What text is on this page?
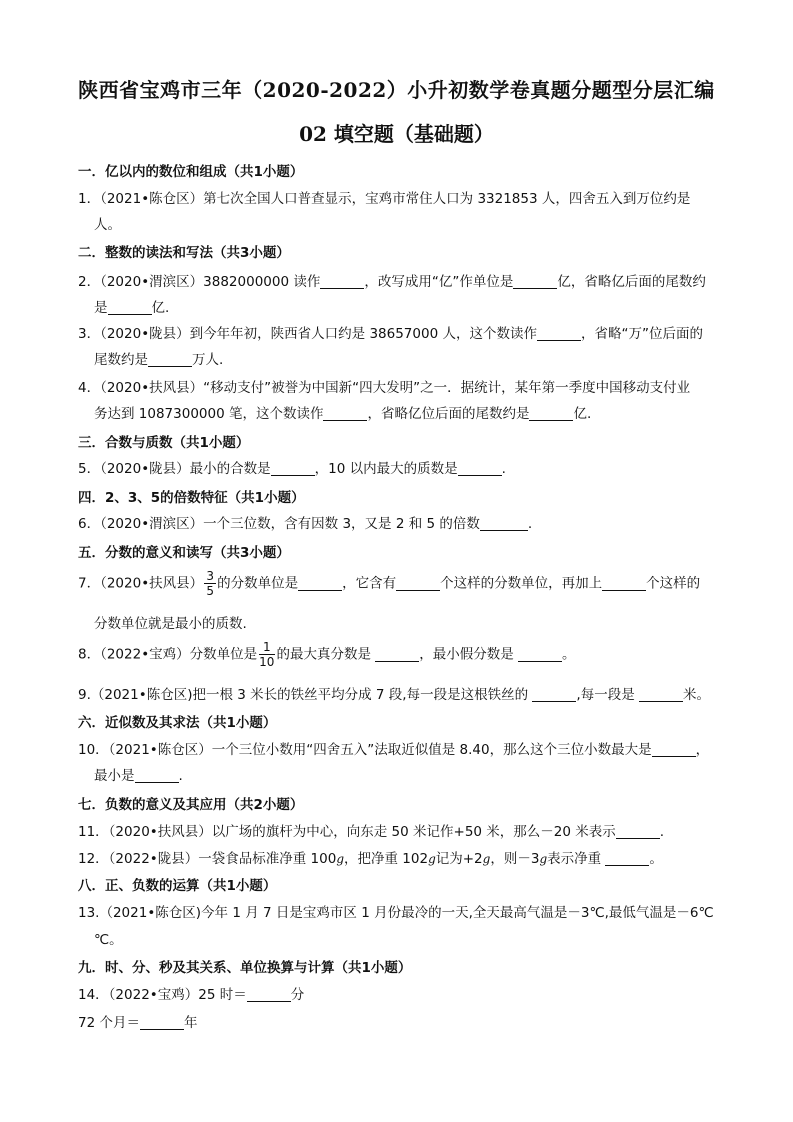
陕西省宝鸡市三年（2020-2022）小升初数学卷真题分题型分层汇编
02 填空题（基础题）
一．亿以内的数位和组成（共1小题）
1．（2021•陈仓区）第七次全国人口普查显示，宝鸡市常住人口为 3321853 人，四舍五入到万位约是
人。
二．整数的读法和写法（共3小题）
2．（2020•渭滨区）3882000000 读作	，改写成用“亿”作单位是	亿，省略亿后面的尾数约
是	亿.
3．（2020•陇县）到今年年初，陕西省人口约是 38657000 人，这个数读作	，省略“万”位后面的
尾数约是	万人.
4．（2020•扶风县）“移动支付”被誉为中国新“四大发明”之一．据统计，某年第一季度中国移动支付业
务达到 1087300000 笔，这个数读作	，省略亿位后面的尾数约是	亿.
三．合数与质数（共1小题）
5．（2020•陇县）最小的合数是	，10 以内最大的质数是	.
四．2、3、5的倍数特征（共1小题）
6．（2020•渭滨区）一个三位数，含有因数 3，又是 2 和 5 的倍数	.
五．分数的意义和读写（共3小题）
7．（2020•扶风县） $\frac{3}{5}$ 的分数单位是	，它含有	个这样的分数单位，再加上	个这样的
分数单位就是最小的质数.
8．（2022•宝鸡）分数单位是 $\frac{1}{10}$ 的最大真分数是	，最小假分数是	。
9.（2021•陈仓区)把一根 3 米长的铁丝平均分成 7 段,每一段是这根铁丝的	,每一段是	米。
六．近似数及其求法（共1小题）
10．（2021•陈仓区）一个三位小数用“四舍五入”法取近似值是 8.40，那么这个三位小数最大是	，
最小是	.
七．负数的意义及其应用（共2小题）
11．（2020•扶风县）以广场的旗杆为中心，向东走 50 米记作+50 米，那么－20 米表示	.
12．（2022•陇县）一袋食品标准净重 100g，把净重 102g记为+2g，则－3g表示净重	。
八．正、负数的运算（共1小题）
13.（2021•陈仓区)今年 1 月 7 日是宝鸡市区 1 月份最冷的一天,全天最高气温是－3℃,最低气温是－6℃
℃。
九．时、分、秒及其关系、单位换算与计算（共1小题）
14．（2022•宝鸡）25 时＝	分
72 个月＝	年
